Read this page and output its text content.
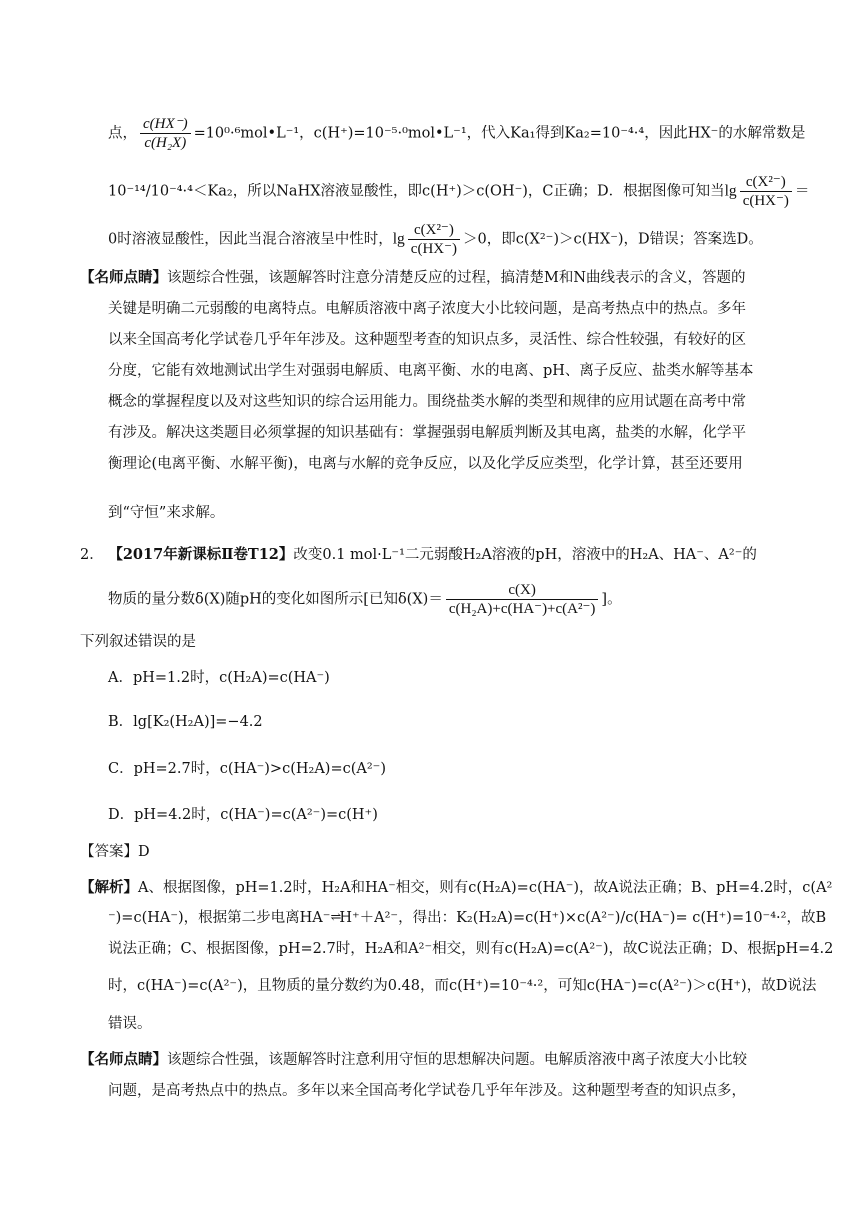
点， $\frac{c(HX^-)}{\text{c(H₂X)}}$ =10⁰·⁶mol•L⁻¹，c(H⁺)=10⁻⁵·⁰mol•L⁻¹，代入Ka₁得到Ka₂=10⁻⁴·⁴，因此HX⁻的水解常数是
10⁻¹⁴/10⁻⁴·⁴＜Ka₂，所以NaHX溶液显酸性，即c(H⁺)＞c(OH⁻)，C正确；D．根据图像可知当$\lg \frac{\text{c(X²⁻)}}{c(HX^-)}$ ＝
0时溶液显酸性，因此当混合溶液呈中性时，$\lg \frac{\text{c(X²⁻)}}{c(HX^-)} >0$，即c(X²⁻)＞c(HX⁻)，D错误；答案选D。
【名师点睛】该题综合性强，该题解答时注意分清楚反应的过程，搞清楚M和N曲线表示的含义，答题的
关键是明确二元弱酸的电离特点。电解质溶液中离子浓度大小比较问题，是高考热点中的热点。多年
以来全国高考化学试卷几乎年年涉及。这种题型考查的知识点多，灵活性、综合性较强，有较好的区
分度，它能有效地测试出学生对强弱电解质、电离平衡、水的电离、pH、离子反应、盐类水解等基本
概念的掌握程度以及对这些知识的综合运用能力。围绕盐类水解的类型和规律的应用试题在高考中常
有涉及。解决这类题目必须掌握的知识基础有：掌握强弱电解质判断及其电离，盐类的水解，化学平
衡理论(电离平衡、水解平衡)，电离与水解的竞争反应，以及化学反应类型，化学计算，甚至还要用
到“守恒”来求解。
2． 【2017年新课标Ⅱ卷T12】改变0.1 mol·L⁻¹二元弱酸H₂A溶液的pH，溶液中的H₂A、HA⁻、A²⁻的
物质的量分数δ(X)随pH的变化如图所示[已知$\delta(X)= \frac{c(X)}{\text{c(H₂A)+c(HA⁻)+c(A²⁻)}}$ ]。
下列叙述错误的是
A．pH=1.2时，c(H₂A)=c(HA⁻)
B．lg[K₂(H₂A)]=−4.2
C．pH=2.7时，c(HA⁻)>c(H₂A)=c(A²⁻)
D．pH=4.2时，c(HA⁻)=c(A²⁻)=c(H⁺)
【答案】D
【解析】A、根据图像，pH=1.2时，H₂A和HA⁻相交，则有c(H₂A)=c(HA⁻)，故A说法正确；B、pH=4.2时，c(A²
⁻)=c(HA⁻)，根据第二步电离HA⁻⇌H⁺＋A²⁻，得出：K₂(H₂A)=c(H⁺)×c(A²⁻)/c(HA⁻)= c(H⁺)=10⁻⁴·²，故B
说法正确；C、根据图像，pH=2.7时，H₂A和A²⁻相交，则有c(H₂A)=c(A²⁻)，故C说法正确；D、根据pH=4.2
时，c(HA⁻)=c(A²⁻)，且物质的量分数约为0.48，而c(H⁺)=10⁻⁴·²，可知c(HA⁻)=c(A²⁻)＞c(H⁺)，故D说法
错误。
【名师点睛】该题综合性强，该题解答时注意利用守恒的思想解决问题。电解质溶液中离子浓度大小比较
问题，是高考热点中的热点。多年以来全国高考化学试卷几乎年年涉及。这种题型考查的知识点多，
